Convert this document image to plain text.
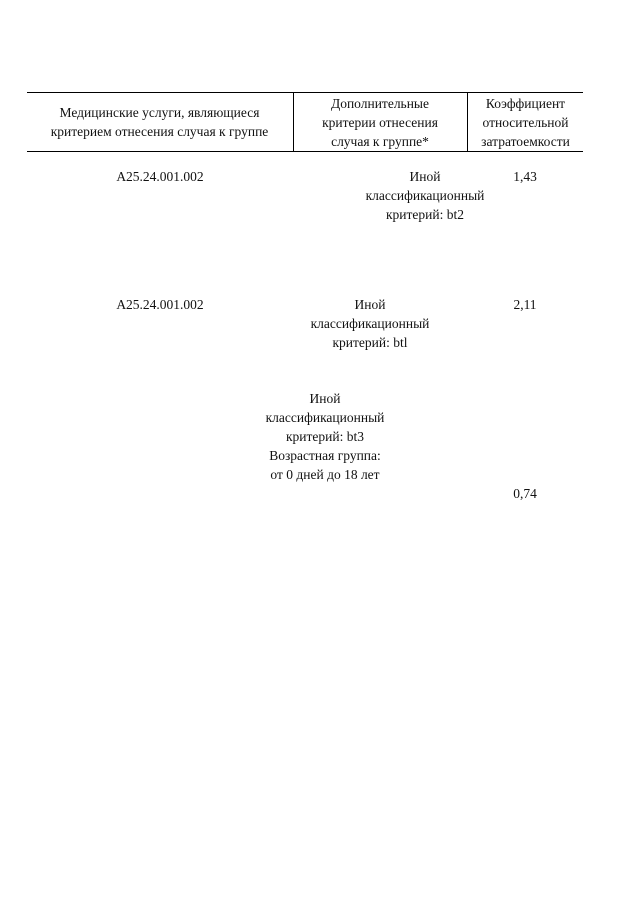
Медицинские услуги, являющиеся
критерием отнесения случая к группе
Дополнительные
критерии отнесения
случая к группе*
Коэффициент
относительной
затратоемкости
A25.24.001.002	Иной
классификационный
критерий: bt2
1,43
A25.24.001.002	Иной
классификационный
критерий: btl
2,11
Иной
классификационный
критерий: bt3
Возрастная группа:
от 0 дней до 18 лет
0,74
